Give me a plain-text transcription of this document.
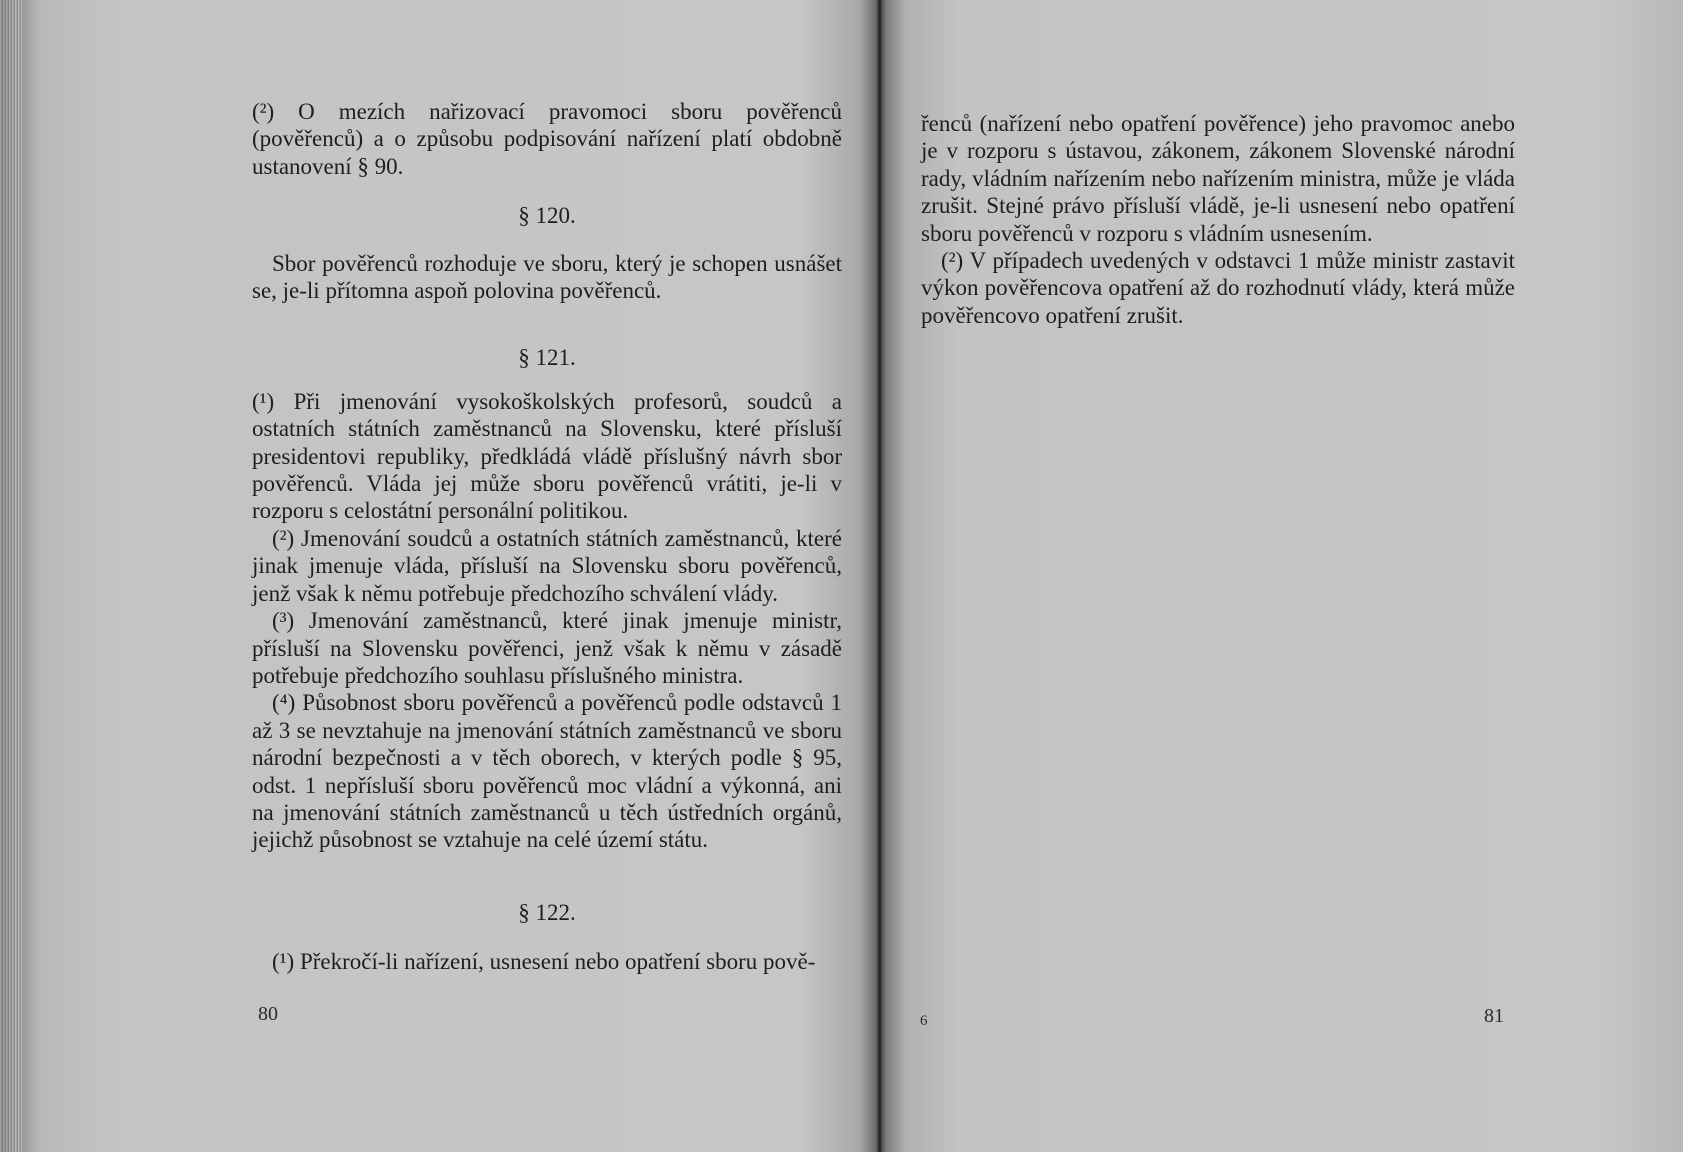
(²) O mezích nařizovací pravomoci sboru pověřenců (pověřenců) a o způsobu podpisování nařízení platí obdobně ustanovení § 90.

§ 120.

Sbor pověřenců rozhoduje ve sboru, který je schopen usnášet se, je-li přítomna aspoň polovina pověřenců.

§ 121.

(¹) Při jmenování vysokoškolských profesorů, soudců a ostatních státních zaměstnanců na Slovensku, které přísluší presidentovi republiky, předkládá vládě příslušný návrh sbor pověřenců. Vláda jej může sboru pověřenců vrátiti, je-li v rozporu s celostátní personální politikou.

(²) Jmenování soudců a ostatních státních zaměstnanců, které jinak jmenuje vláda, přísluší na Slovensku sboru pověřenců, jenž však k němu potřebuje předchozího schválení vlády.

(³) Jmenování zaměstnanců, které jinak jmenuje ministr, přísluší na Slovensku pověřenci, jenž však k němu v zásadě potřebuje předchozího souhlasu příslušného ministra.

(⁴) Působnost sboru pověřenců a pověřenců podle odstavců 1 až 3 se nevztahuje na jmenování státních zaměstnanců ve sboru národní bezpečnosti a v těch oborech, v kterých podle § 95, odst. 1 nepřísluší sboru pověřenců moc vládní a výkonná, ani na jmenování státních zaměstnanců u těch ústředních orgánů, jejichž působnost se vztahuje na celé území státu.

§ 122.

(¹) Překročí-li nařízení, usnesení nebo opatření sboru pově-

80

řenců (nařízení nebo opatření pověřence) jeho pravomoc anebo je v rozporu s ústavou, zákonem, zákonem Slovenské národní rady, vládním nařízením nebo nařízením ministra, může je vláda zrušit. Stejné právo přísluší vládě, je-li usnesení nebo opatření sboru pověřenců v rozporu s vládním usnesením.

(²) V případech uvedených v odstavci 1 může ministr zastavit výkon pověřencova opatření až do rozhodnutí vlády, která může pověřencovo opatření zrušit.

6	81
